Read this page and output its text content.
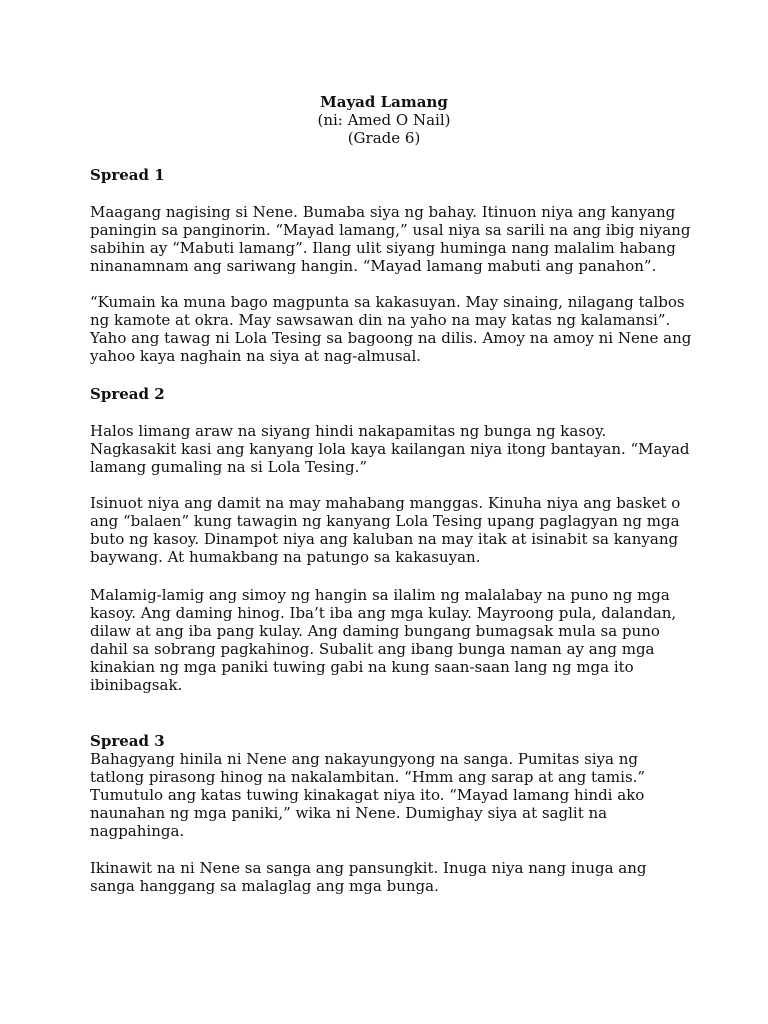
Mayad Lamang
(ni: Amed O Nail)
(Grade 6)
Spread 1
Maagang nagising si Nene. Bumaba siya ng bahay. Itinuon niya ang kanyang
paningin sa panginorin. “Mayad lamang,” usal niya sa sarili na ang ibig niyang
sabihin ay “Mabuti lamang”. Ilang ulit siyang huminga nang malalim habang
ninanamnam ang sariwang hangin. “Mayad lamang mabuti ang panahon”.
“Kumain ka muna bago magpunta sa kakasuyan. May sinaing, nilagang talbos
ng kamote at okra. May sawsawan din na yaho na may katas ng kalamansi”.
Yaho ang tawag ni Lola Tesing sa bagoong na dilis. Amoy na amoy ni Nene ang
yahoo kaya naghain na siya at nag-almusal.
Spread 2
Halos limang araw na siyang hindi nakapamitas ng bunga ng kasoy.
Nagkasakit kasi ang kanyang lola kaya kailangan niya itong bantayan. “Mayad
lamang gumaling na si Lola Tesing.”
Isinuot niya ang damit na may mahabang manggas. Kinuha niya ang basket o
ang “balaen” kung tawagin ng kanyang Lola Tesing upang paglagyan ng mga
buto ng kasoy. Dinampot niya ang kaluban na may itak at isinabit sa kanyang
baywang. At humakbang na patungo sa kakasuyan.
Malamig-lamig ang simoy ng hangin sa ilalim ng malalabay na puno ng mga
kasoy. Ang daming hinog. Iba’t iba ang mga kulay. Mayroong pula, dalandan,
dilaw at ang iba pang kulay. Ang daming bungang bumagsak mula sa puno
dahil sa sobrang pagkahinog. Subalit ang ibang bunga naman ay ang mga
kinakian ng mga paniki tuwing gabi na kung saan-saan lang ng mga ito
ibinibagsak.
Spread 3
Bahagyang hinila ni Nene ang nakayungyong na sanga. Pumitas siya ng
tatlong pirasong hinog na nakalambitan. “Hmm ang sarap at ang tamis.”
Tumutulo ang katas tuwing kinakagat niya ito. “Mayad lamang hindi ako
naunahan ng mga paniki,” wika ni Nene. Dumighay siya at saglit na
nagpahinga.
Ikinawit na ni Nene sa sanga ang pansungkit. Inuga niya nang inuga ang
sanga hanggang sa malaglag ang mga bunga.
